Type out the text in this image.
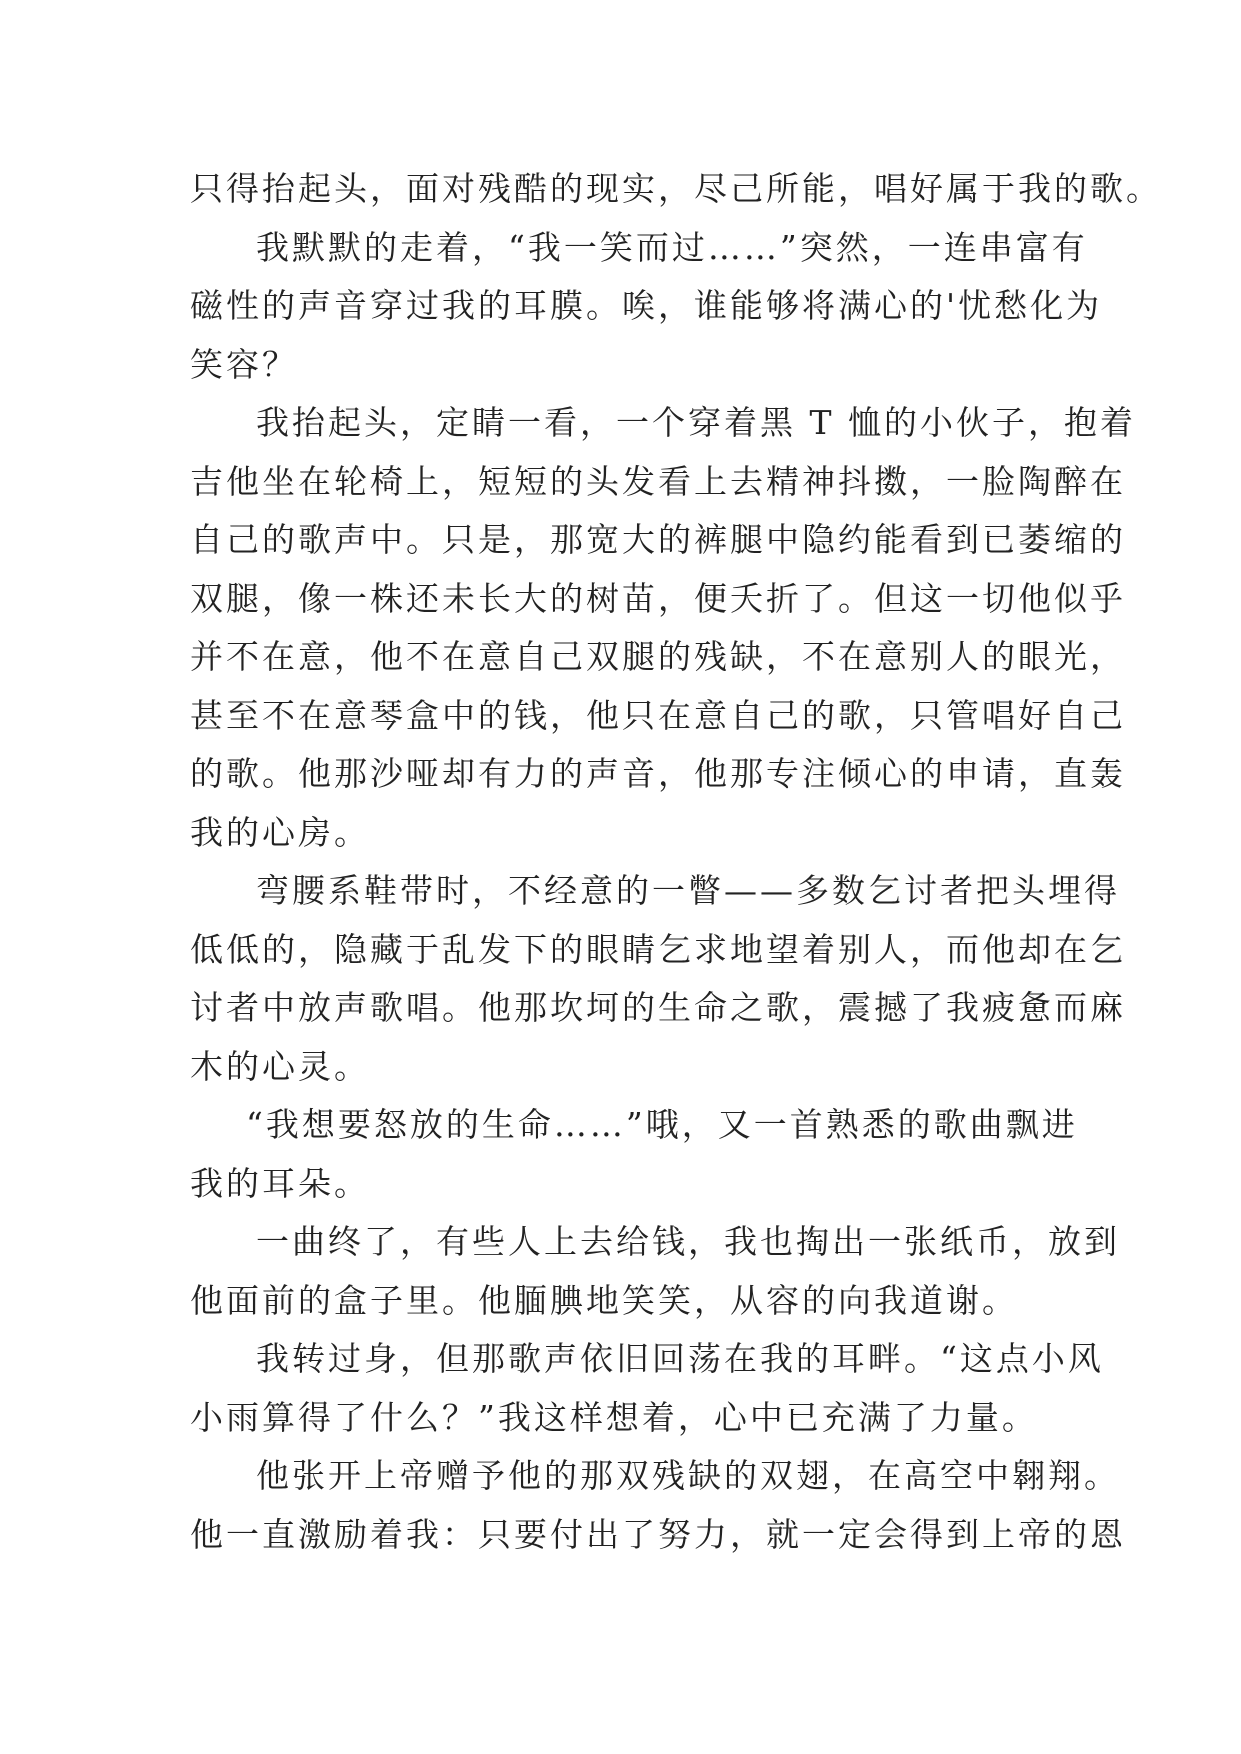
只得抬起头，面对残酷的现实，尽己所能，唱好属于我的歌。
我默默的走着，“我一笑而过……”突然，一连串富有
磁性的声音穿过我的耳膜。唉，谁能够将满心的'忧愁化为
笑容？
我抬起头，定睛一看，一个穿着黑 T 恤的小伙子，抱着
吉他坐在轮椅上，短短的头发看上去精神抖擞，一脸陶醉在
自己的歌声中。只是，那宽大的裤腿中隐约能看到已萎缩的
双腿，像一株还未长大的树苗，便夭折了。但这一切他似乎
并不在意，他不在意自己双腿的残缺，不在意别人的眼光，
甚至不在意琴盒中的钱，他只在意自己的歌，只管唱好自己
的歌。他那沙哑却有力的声音，他那专注倾心的申请，直轰
我的心房。
弯腰系鞋带时，不经意的一瞥——多数乞讨者把头埋得
低低的，隐藏于乱发下的眼睛乞求地望着别人，而他却在乞
讨者中放声歌唱。他那坎坷的生命之歌，震撼了我疲惫而麻
木的心灵。
“我想要怒放的生命……”哦，又一首熟悉的歌曲飘进
我的耳朵。
一曲终了，有些人上去给钱，我也掏出一张纸币，放到
他面前的盒子里。他腼腆地笑笑，从容的向我道谢。
我转过身，但那歌声依旧回荡在我的耳畔。“这点小风
小雨算得了什么？”我这样想着，心中已充满了力量。
他张开上帝赠予他的那双残缺的双翅，在高空中翱翔。
他一直激励着我：只要付出了努力，就一定会得到上帝的恩
